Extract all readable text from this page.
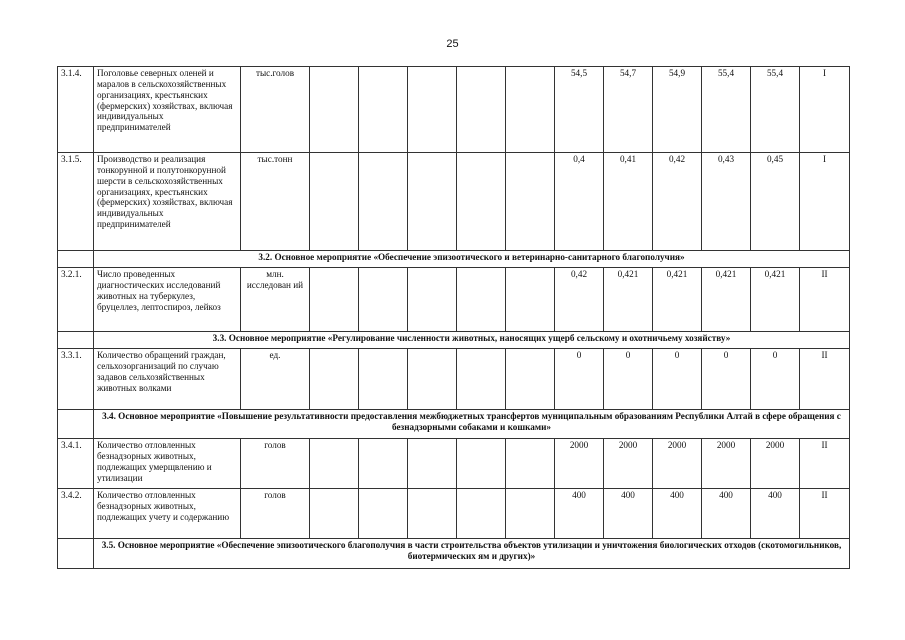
25
3.1.4.	Поголовье северных оленей и маралов в сельскохозяйственных организациях, крестьянских (фермерских) хозяйствах, включая индивидуальных предпринимателей	тыс.голов						54,5	54,7	54,9	55,4	55,4	I
3.1.5.	Производство и реализация тонкорунной и полутонкорунной шерсти в сельскохозяйственных организациях, крестьянских (фермерских) хозяйствах, включая индивидуальных предпринимателей	тыс.тонн						0,4	0,41	0,42	0,43	0,45	I
	3.2. Основное мероприятие «Обеспечение эпизоотического и ветеринарно-санитарного благополучия»												
3.2.1.	Число проведенных диагностических исследований животных на туберкулез, бруцеллез, лептоспироз, лейкоз	млн. исследован ий						0,42	0,421	0,421	0,421	0,421	II
	3.3. Основное мероприятие «Регулирование численности животных, наносящих ущерб сельскому и охотничьему хозяйству»												
3.3.1.	Количество обращений граждан, сельхозорганизаций по случаю задавов сельхозяйственных животных волками	ед.						0	0	0	0	0	II
	3.4. Основное мероприятие «Повышение результативности предоставления межбюджетных трансфертов муниципальным образованиям Республики Алтай в сфере обращения с безнадзорными собаками и кошками»												
3.4.1.	Количество отловленных безнадзорных животных, подлежащих умерщвлению и утилизации	голов						2000	2000	2000	2000	2000	II
3.4.2.	Количество отловленных безнадзорных животных, подлежащих учету и содержанию	голов						400	400	400	400	400	II
	3.5. Основное мероприятие «Обеспечение эпизоотического благополучия в части строительства объектов утилизации и уничтожения биологических отходов (скотомогильников, биотермических ям и других)»												
